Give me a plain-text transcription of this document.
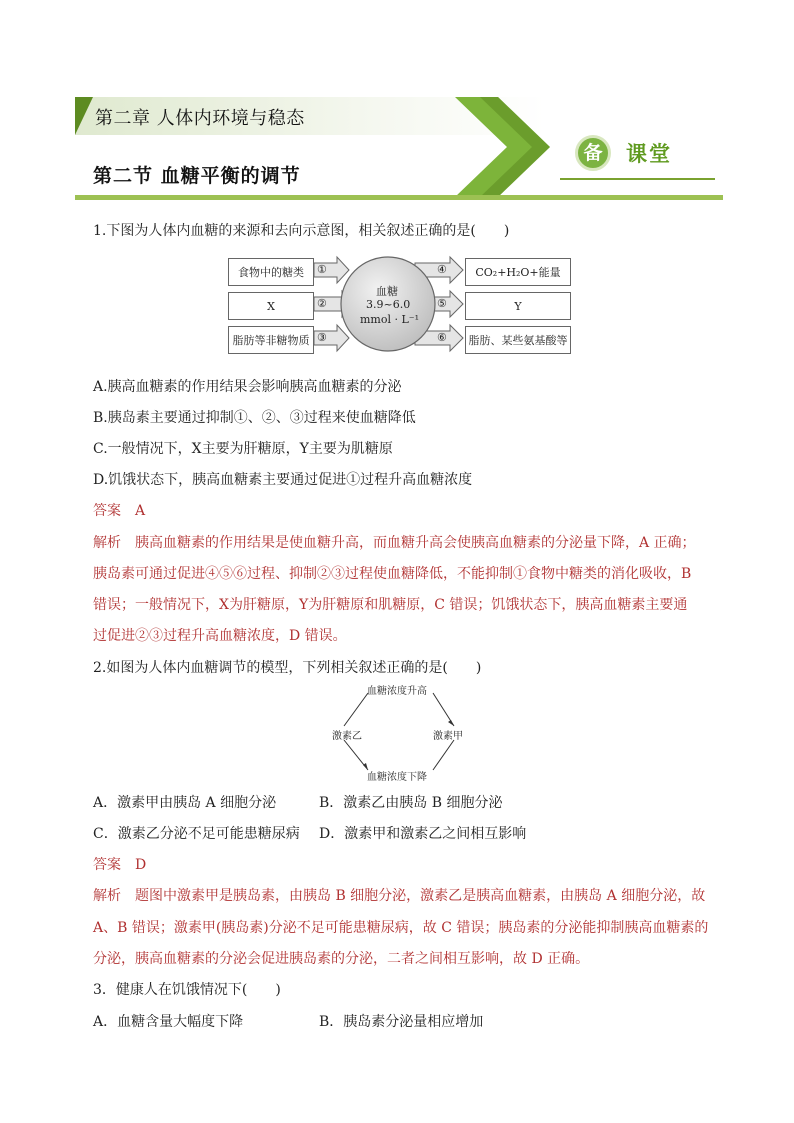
第二章 人体内环境与稳态
备	课堂
第二节 血糖平衡的调节
1.下图为人体内血糖的来源和去向示意图，相关叙述正确的是(　　)
食物中的糖类
X
脂肪等非糖物质
CO₂+H₂O+能量
Y
脂肪、某些氨基酸等
①
②
③
④
⑤
⑥
血糖
3.9~6.0
mmol · L⁻¹
A.胰高血糖素的作用结果会影响胰高血糖素的分泌
B.胰岛素主要通过抑制①、②、③过程来使血糖降低
C.一般情况下，X主要为肝糖原，Y主要为肌糖原
D.饥饿状态下，胰高血糖素主要通过促进①过程升高血糖浓度
答案　A
解析　胰高血糖素的作用结果是使血糖升高，而血糖升高会使胰高血糖素的分泌量下降，A 正确；
胰岛素可通过促进④⑤⑥过程、抑制②③过程使血糖降低，不能抑制①食物中糖类的消化吸收，B
错误；一般情况下，X为肝糖原，Y为肝糖原和肌糖原，C 错误；饥饿状态下，胰高血糖素主要通
过促进②③过程升高血糖浓度，D 错误。
2.如图为人体内血糖调节的模型，下列相关叙述正确的是(　　)
血糖浓度升高
激素乙	激素甲
血糖浓度下降
A．激素甲由胰岛 A 细胞分泌	B．激素乙由胰岛 B 细胞分泌
C．激素乙分泌不足可能患糖尿病 D．激素甲和激素乙之间相互影响
答案　D
解析　题图中激素甲是胰岛素，由胰岛 B 细胞分泌，激素乙是胰高血糖素，由胰岛 A 细胞分泌，故
A、B 错误；激素甲(胰岛素)分泌不足可能患糖尿病，故 C 错误；胰岛素的分泌能抑制胰高血糖素的
分泌，胰高血糖素的分泌会促进胰岛素的分泌，二者之间相互影响，故 D 正确。
3．健康人在饥饿情况下(　　)
A．血糖含量大幅度下降	B．胰岛素分泌量相应增加
